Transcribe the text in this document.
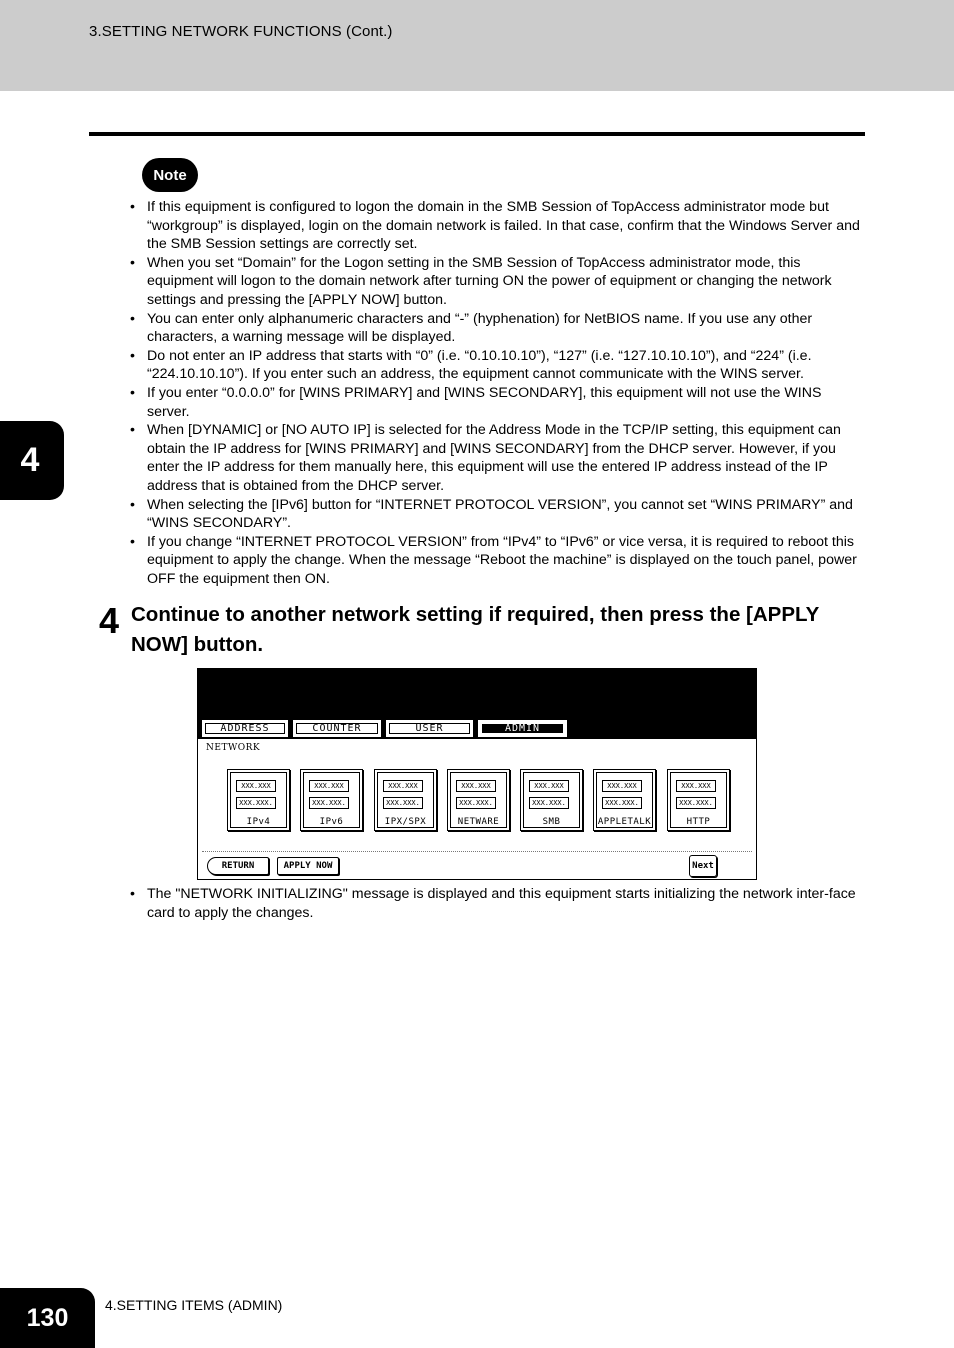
3.SETTING NETWORK FUNCTIONS (Cont.)
Note
• If this equipment is configured to logon the domain in the SMB Session of TopAccess administrator mode but “workgroup” is displayed, login on the domain network is failed. In that case, confirm that the Windows Server and the SMB Session settings are correctly set.
• When you set “Domain” for the Logon setting in the SMB Session of TopAccess administrator mode, this equipment will logon to the domain network after turning ON the power of equipment or changing the network settings and pressing the [APPLY NOW] button.
• You can enter only alphanumeric characters and “-” (hyphenation) for NetBIOS name. If you use any other characters, a warning message will be displayed.
• Do not enter an IP address that starts with “0” (i.e. “0.10.10.10”), “127” (i.e. “127.10.10.10”), and “224” (i.e. “224.10.10.10”). If you enter such an address, the equipment cannot communicate with the WINS server.
• If you enter “0.0.0.0” for [WINS PRIMARY] and [WINS SECONDARY], this equipment will not use the WINS server.
• When [DYNAMIC] or [NO AUTO IP] is selected for the Address Mode in the TCP/IP setting, this equipment can obtain the IP address for [WINS PRIMARY] and [WINS SECONDARY] from the DHCP server. However, if you enter the IP address for them manually here, this equipment will use the entered IP address instead of the IP address that is obtained from the DHCP server.
• When selecting the [IPv6] button for “INTERNET PROTOCOL VERSION”, you cannot set “WINS PRIMARY” and “WINS SECONDARY”.
• If you change “INTERNET PROTOCOL VERSION” from “IPv4” to “IPv6” or vice versa, it is required to reboot this equipment to apply the change. When the message “Reboot the machine” is displayed on the touch panel, power OFF the equipment then ON.
4
4 Continue to another network setting if required, then press the [APPLY NOW] button.
ADDRESS	COUNTER	USER	ADMIN
NETWORK
XXX.XXX
XXX.XXX.
IPv4
XXX.XXX
XXX.XXX.
IPv6
XXX.XXX
XXX.XXX.
IPX/SPX
XXX.XXX
XXX.XXX.
NETWARE
XXX.XXX
XXX.XXX.
SMB
XXX.XXX
XXX.XXX.
APPLETALK
XXX.XXX
XXX.XXX.
HTTP
RETURN	APPLY NOW	Next
• The "NETWORK INITIALIZING" message is displayed and this equipment starts initializing the network inter-face card to apply the changes.
130	4.SETTING ITEMS (ADMIN)
